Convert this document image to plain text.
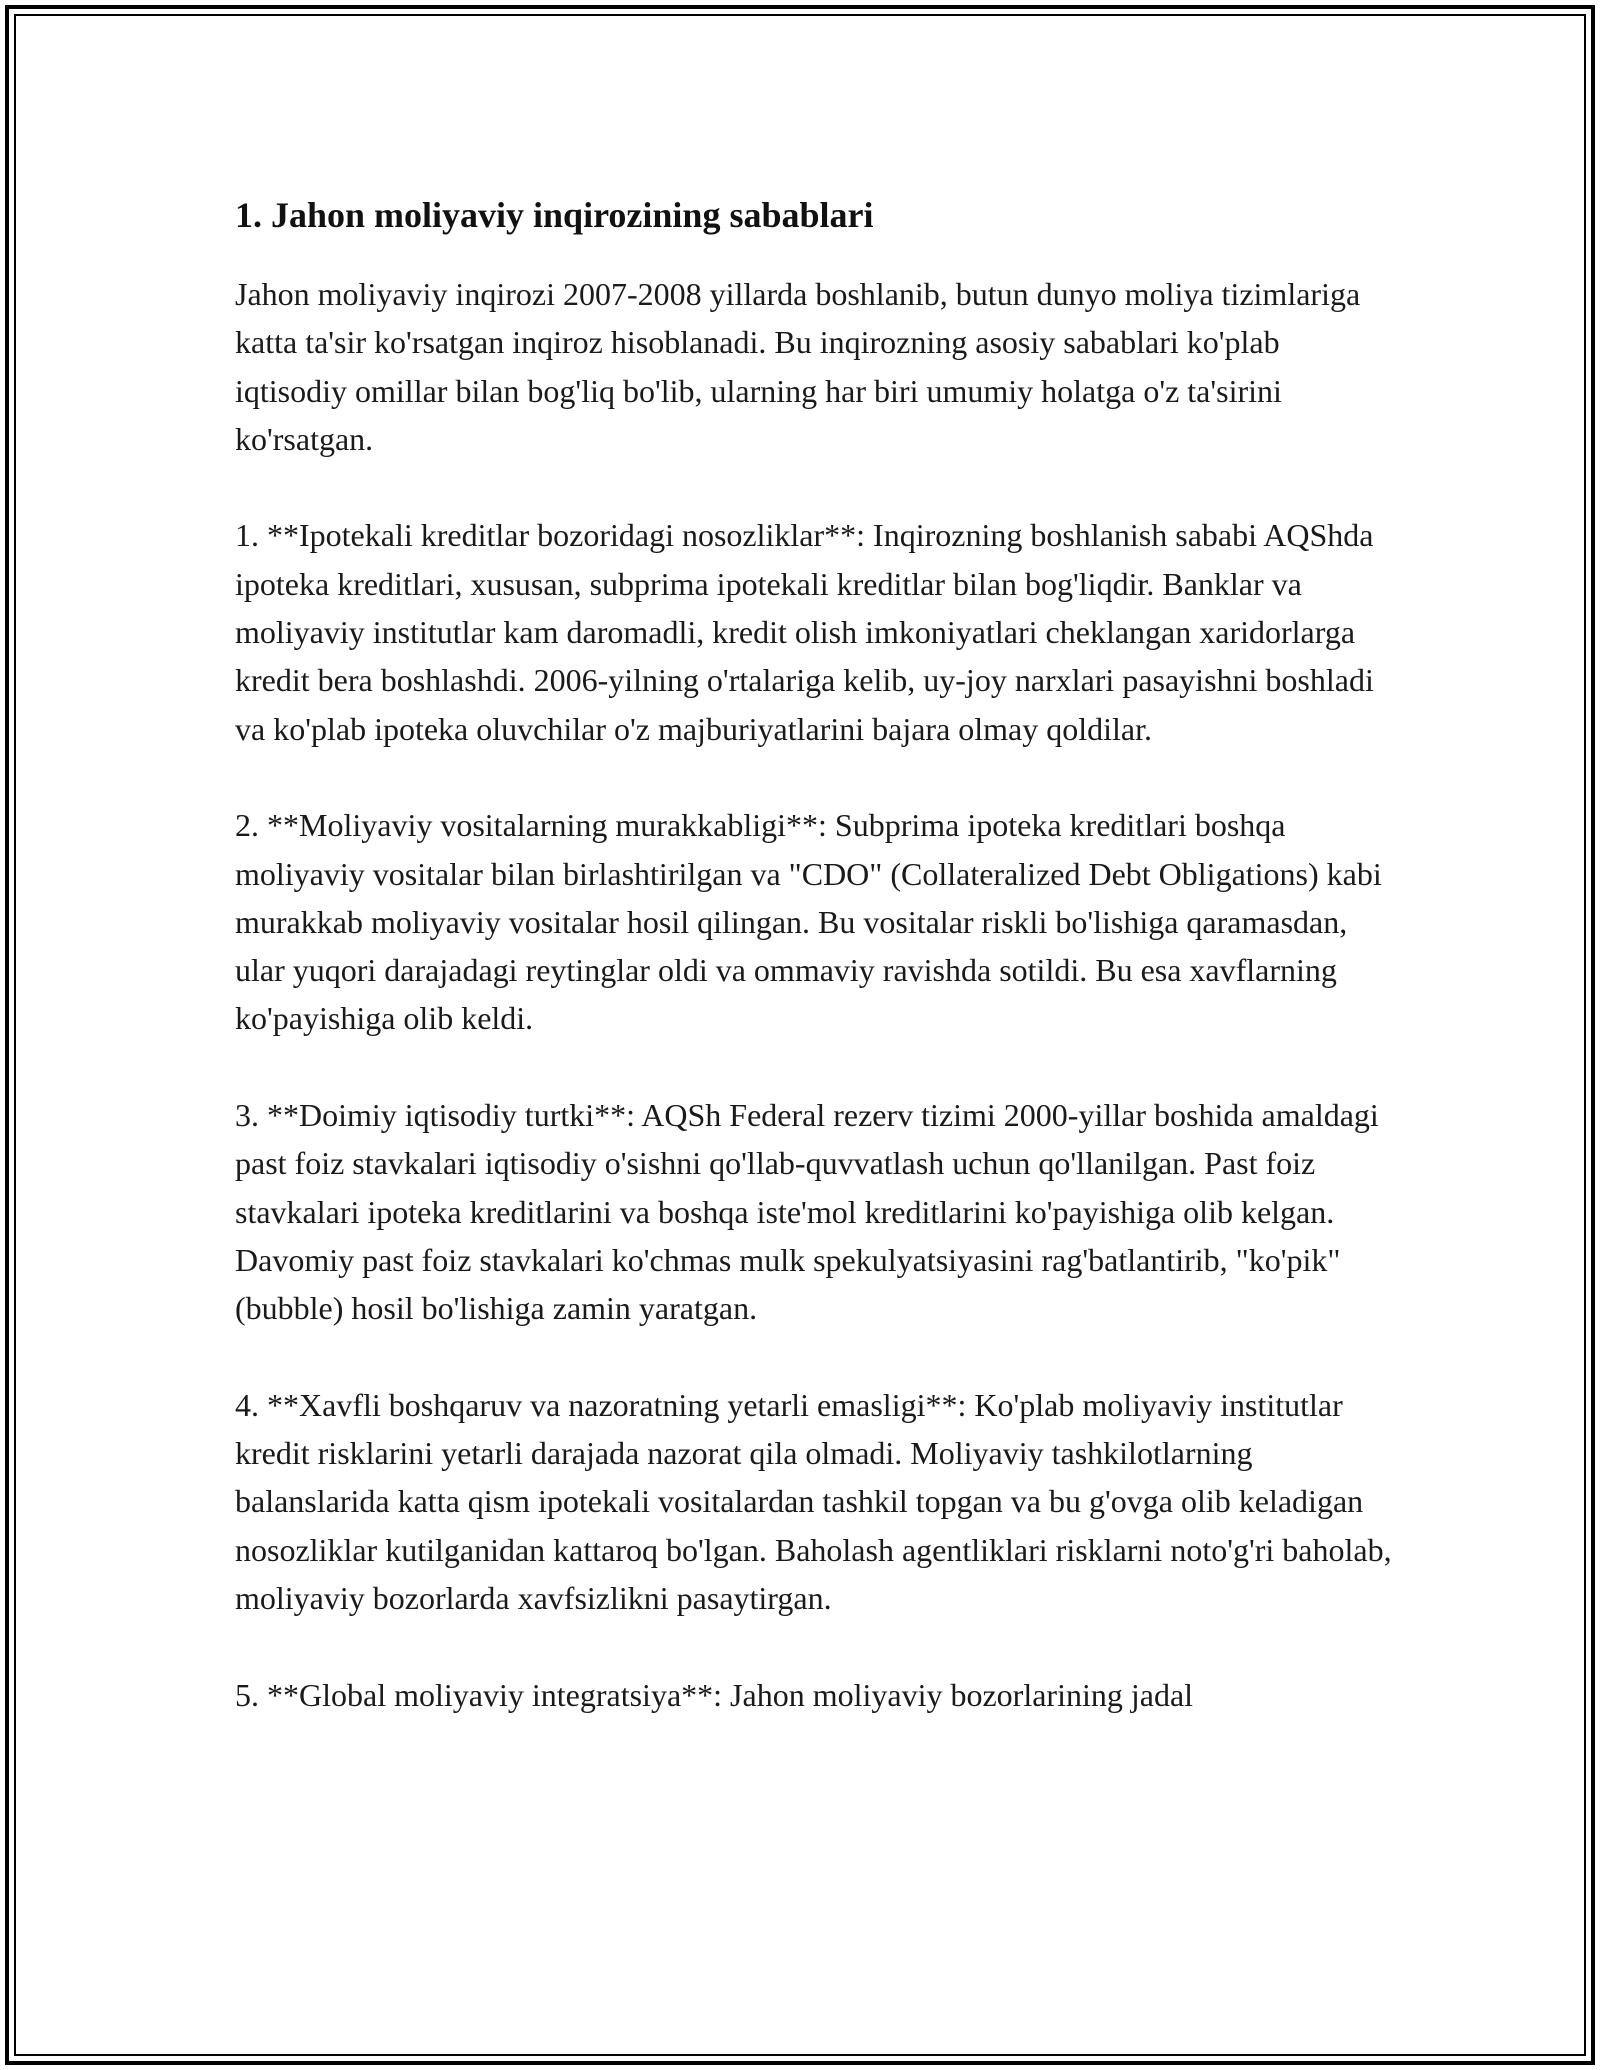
1. Jahon moliyaviy inqirozining sabablari

Jahon moliyaviy inqirozi 2007-2008 yillarda boshlanib, butun dunyo moliya tizimlariga katta ta'sir ko'rsatgan inqiroz hisoblanadi. Bu inqirozning asosiy sabablari ko'plab iqtisodiy omillar bilan bog'liq bo'lib, ularning har biri umumiy holatga o'z ta'sirini ko'rsatgan.

1. **Ipotekali kreditlar bozoridagi nosozliklar**: Inqirozning boshlanish sababi AQShda ipoteka kreditlari, xususan, subprima ipotekali kreditlar bilan bog'liqdir. Banklar va moliyaviy institutlar kam daromadli, kredit olish imkoniyatlari cheklangan xaridorlarga kredit bera boshlashdi. 2006-yilning o'rtalariga kelib, uy-joy narxlari pasayishni boshladi va ko'plab ipoteka oluvchilar o'z majburiyatlarini bajara olmay qoldilar.

2. **Moliyaviy vositalarning murakkabligi**: Subprima ipoteka kreditlari boshqa moliyaviy vositalar bilan birlashtirilgan va "CDO" (Collateralized Debt Obligations) kabi murakkab moliyaviy vositalar hosil qilingan. Bu vositalar riskli bo'lishiga qaramasdan, ular yuqori darajadagi reytinglar oldi va ommaviy ravishda sotildi. Bu esa xavflarning ko'payishiga olib keldi.

3. **Doimiy iqtisodiy turtki**: AQSh Federal rezerv tizimi 2000-yillar boshida amaldagi past foiz stavkalari iqtisodiy o'sishni qo'llab-quvvatlash uchun qo'llanilgan. Past foiz stavkalari ipoteka kreditlarini va boshqa iste'mol kreditlarini ko'payishiga olib kelgan. Davomiy past foiz stavkalari ko'chmas mulk spekulyatsiyasini rag'batlantirib, "ko'pik" (bubble) hosil bo'lishiga zamin yaratgan.

4. **Xavfli boshqaruv va nazoratning yetarli emasligi**: Ko'plab moliyaviy institutlar kredit risklarini yetarli darajada nazorat qila olmadi. Moliyaviy tashkilotlarning balanslarida katta qism ipotekali vositalardan tashkil topgan va bu g'ovga olib keladigan nosozliklar kutilganidan kattaroq bo'lgan. Baholash agentliklari risklarni noto'g'ri baholab, moliyaviy bozorlarda xavfsizlikni pasaytirgan.

5. **Global moliyaviy integratsiya**: Jahon moliyaviy bozorlarining jadal
